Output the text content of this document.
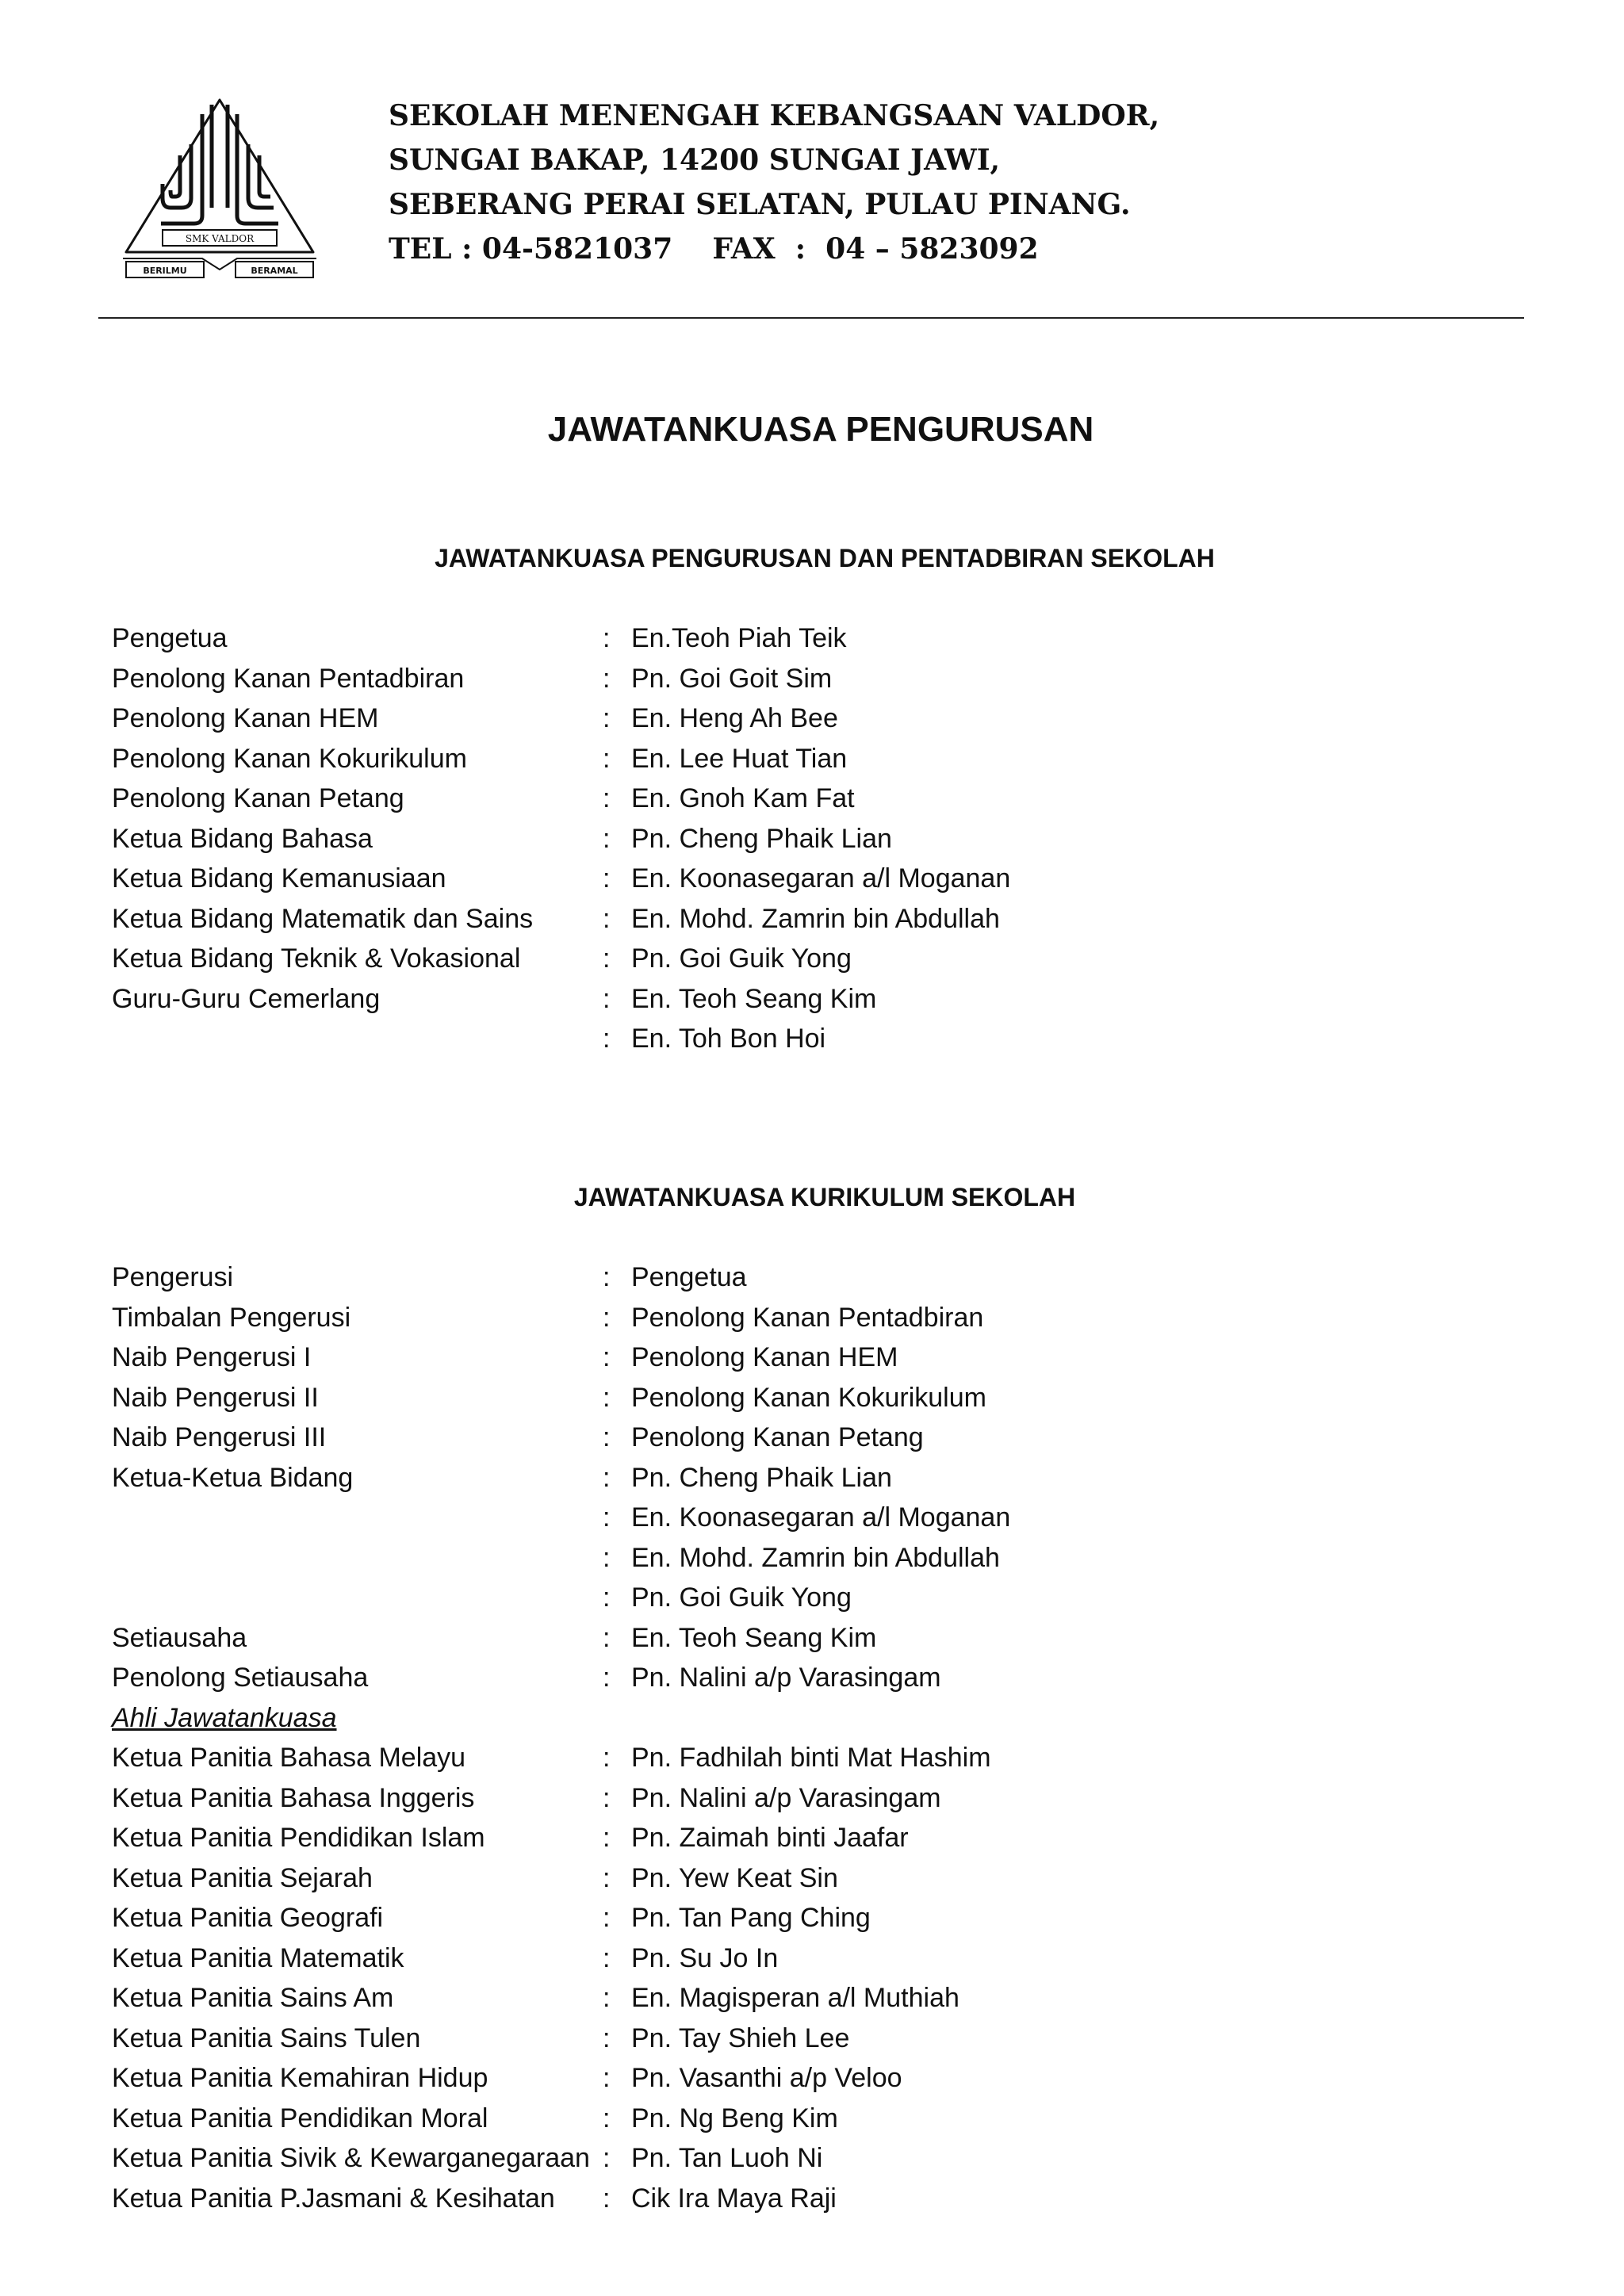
SMK VALDOR
BERILMU	BERAMAL
SEKOLAH MENENGAH KEBANGSAAN VALDOR,
SUNGAI BAKAP, 14200 SUNGAI JAWI,
SEBERANG PERAI SELATAN, PULAU PINANG.
TEL : 04-5821037    FAX  :  04 – 5823092
JAWATANKUASA PENGURUSAN
JAWATANKUASA PENGURUSAN DAN PENTADBIRAN SEKOLAH
Pengetua	: En.Teoh Piah Teik
Penolong Kanan Pentadbiran	: Pn. Goi Goit Sim
Penolong Kanan HEM	: En. Heng Ah Bee
Penolong Kanan Kokurikulum	: En. Lee Huat Tian
Penolong Kanan Petang	: En. Gnoh Kam Fat
Ketua Bidang Bahasa	: Pn. Cheng Phaik Lian
Ketua Bidang Kemanusiaan	: En. Koonasegaran a/l Moganan
Ketua Bidang Matematik dan Sains	: En. Mohd. Zamrin bin Abdullah
Ketua Bidang Teknik & Vokasional	: Pn. Goi Guik Yong
Guru-Guru Cemerlang	: En. Teoh Seang Kim
: En. Toh Bon Hoi
JAWATANKUASA KURIKULUM SEKOLAH
Pengerusi	: Pengetua
Timbalan Pengerusi	: Penolong Kanan Pentadbiran
Naib Pengerusi I	: Penolong Kanan HEM
Naib Pengerusi II	: Penolong Kanan Kokurikulum
Naib Pengerusi III	: Penolong Kanan Petang
Ketua-Ketua Bidang	: Pn. Cheng Phaik Lian
: En. Koonasegaran a/l Moganan
: En. Mohd. Zamrin bin Abdullah
: Pn. Goi Guik Yong
Setiausaha	: En. Teoh Seang Kim
Penolong Setiausaha	: Pn. Nalini a/p Varasingam
Ahli Jawatankuasa
Ketua Panitia Bahasa Melayu	: Pn. Fadhilah binti Mat Hashim
Ketua Panitia Bahasa Inggeris	: Pn. Nalini a/p Varasingam
Ketua Panitia Pendidikan Islam	: Pn. Zaimah binti Jaafar
Ketua Panitia Sejarah	: Pn. Yew Keat Sin
Ketua Panitia Geografi	: Pn. Tan Pang Ching
Ketua Panitia Matematik	: Pn. Su Jo In
Ketua Panitia Sains Am	: En. Magisperan a/l Muthiah
Ketua Panitia Sains Tulen	: Pn. Tay Shieh Lee
Ketua Panitia Kemahiran Hidup	: Pn. Vasanthi a/p Veloo
Ketua Panitia Pendidikan Moral	: Pn. Ng Beng Kim
Ketua Panitia Sivik & Kewarganegaraan : Pn. Tan Luoh Ni
Ketua Panitia P.Jasmani & Kesihatan : Cik Ira Maya Raji
